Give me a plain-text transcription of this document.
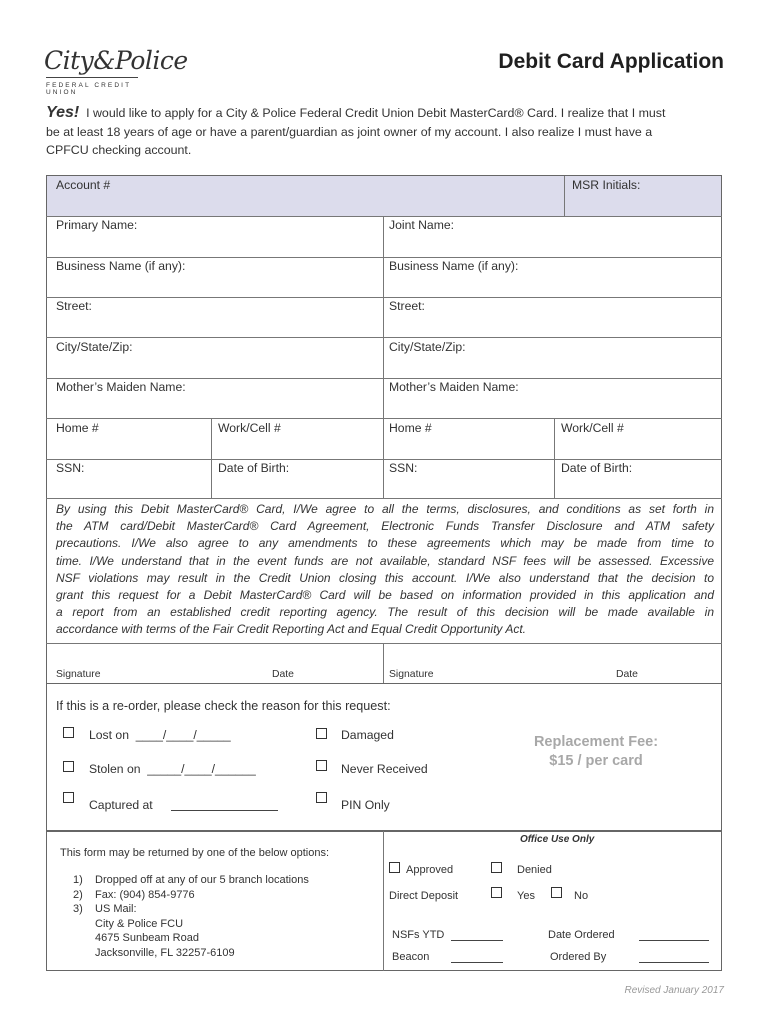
City&Police
FEDERAL CREDIT UNION
Debit Card Application
Yes! I would like to apply for a City & Police Federal Credit Union Debit MasterCard® Card. I realize that I must
be at least 18 years of age or have a parent/guardian as joint owner of my account. I also realize I must have a
CPFCU checking account.
Account #	MSR Initials:
Primary Name:	Joint Name:
Business Name (if any):	Business Name (if any):
Street:	Street:
City/State/Zip:	City/State/Zip:
Mother’s Maiden Name:	Mother’s Maiden Name:
Home #	Work/Cell #	Home #	Work/Cell #
SSN:	Date of Birth:	SSN:	Date of Birth:
By using this Debit MasterCard® Card, I/We agree to all the terms, disclosures, and conditions as set forth in
the ATM card/Debit MasterCard® Card Agreement, Electronic Funds Transfer Disclosure and ATM safety
precautions. I/We also agree to any amendments to these agreements which may be made from time to
time. I/We understand that in the event funds are not available, standard NSF fees will be assessed. Excessive
NSF violations may result in the Credit Union closing this account. I/We also understand that the decision to
grant this request for a Debit MasterCard® Card will be based on information provided in this application and
a report from an established credit reporting agency. The result of this decision will be made available in
accordance with terms of the Fair Credit Reporting Act and Equal Credit Opportunity Act.
Signature	Date	Signature	Date
If this is a re-order, please check the reason for this request:
Lost on ____/____/_____
Stolen on _____/____/______
Captured at
Damaged
Never Received
PIN Only
Replacement Fee:
$15 / per card
This form may be returned by one of the below options:
1) Dropped off at any of our 5 branch locations
2) Fax: (904) 854-9776
3) US Mail:
City & Police FCU
4675 Sunbeam Road
Jacksonville, FL 32257-6109
Office Use Only
Approved	Denied
Direct Deposit	Yes	No
NSFs YTD	Date Ordered
Beacon	Ordered By
Revised January 2017
